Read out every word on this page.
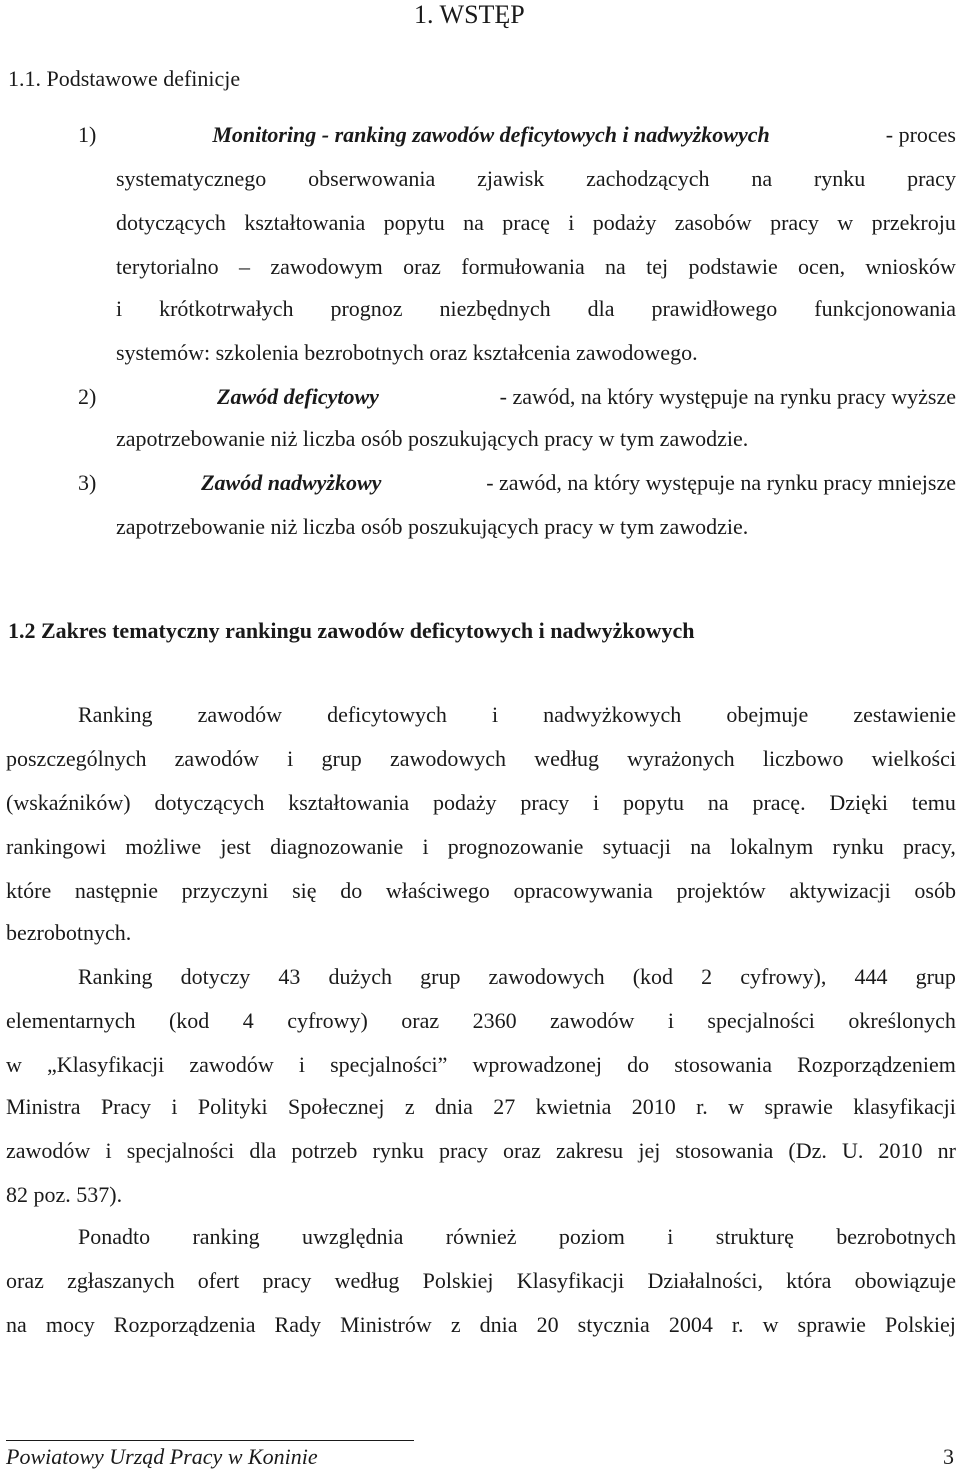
1. WSTĘP
1.1. Podstawowe definicje
1)	Monitoring - ranking zawodów deficytowych i nadwyżkowych	- proces
systematycznego obserwowania zjawisk zachodzących na rynku pracy
dotyczących kształtowania popytu na pracę i podaży zasobów pracy w przekroju
terytorialno – zawodowym oraz formułowania na tej podstawie ocen, wniosków
i krótkotrwałych prognoz niezbędnych dla prawidłowego funkcjonowania
systemów: szkolenia bezrobotnych oraz kształcenia zawodowego.
2)	Zawód deficytowy	- zawód, na który występuje na rynku pracy wyższe
zapotrzebowanie niż liczba osób poszukujących pracy w tym zawodzie.
3)	Zawód nadwyżkowy	- zawód, na który występuje na rynku pracy mniejsze
zapotrzebowanie niż liczba osób poszukujących pracy w tym zawodzie.
1.2 Zakres tematyczny rankingu zawodów deficytowych i nadwyżkowych
Ranking zawodów deficytowych i nadwyżkowych obejmuje zestawienie
poszczególnych zawodów i grup zawodowych według wyrażonych liczbowo wielkości
(wskaźników) dotyczących kształtowania podaży pracy i popytu na pracę. Dzięki temu
rankingowi możliwe jest diagnozowanie i prognozowanie sytuacji na lokalnym rynku pracy,
które następnie przyczyni się do właściwego opracowywania projektów aktywizacji osób
bezrobotnych.
Ranking dotyczy 43 dużych grup zawodowych (kod 2 cyfrowy), 444 grup
elementarnych (kod 4 cyfrowy) oraz 2360 zawodów i specjalności określonych
w „Klasyfikacji zawodów i specjalności” wprowadzonej do stosowania Rozporządzeniem
Ministra Pracy i Polityki Społecznej z dnia 27 kwietnia 2010 r. w sprawie klasyfikacji
zawodów i specjalności dla potrzeb rynku pracy oraz zakresu jej stosowania (Dz. U. 2010 nr
82 poz. 537).
Ponadto ranking uwzględnia również poziom i strukturę bezrobotnych
oraz zgłaszanych ofert pracy według Polskiej Klasyfikacji Działalności, która obowiązuje
na mocy Rozporządzenia Rady Ministrów z dnia 20 stycznia 2004 r. w sprawie Polskiej
Powiatowy Urząd Pracy w Koninie	3
